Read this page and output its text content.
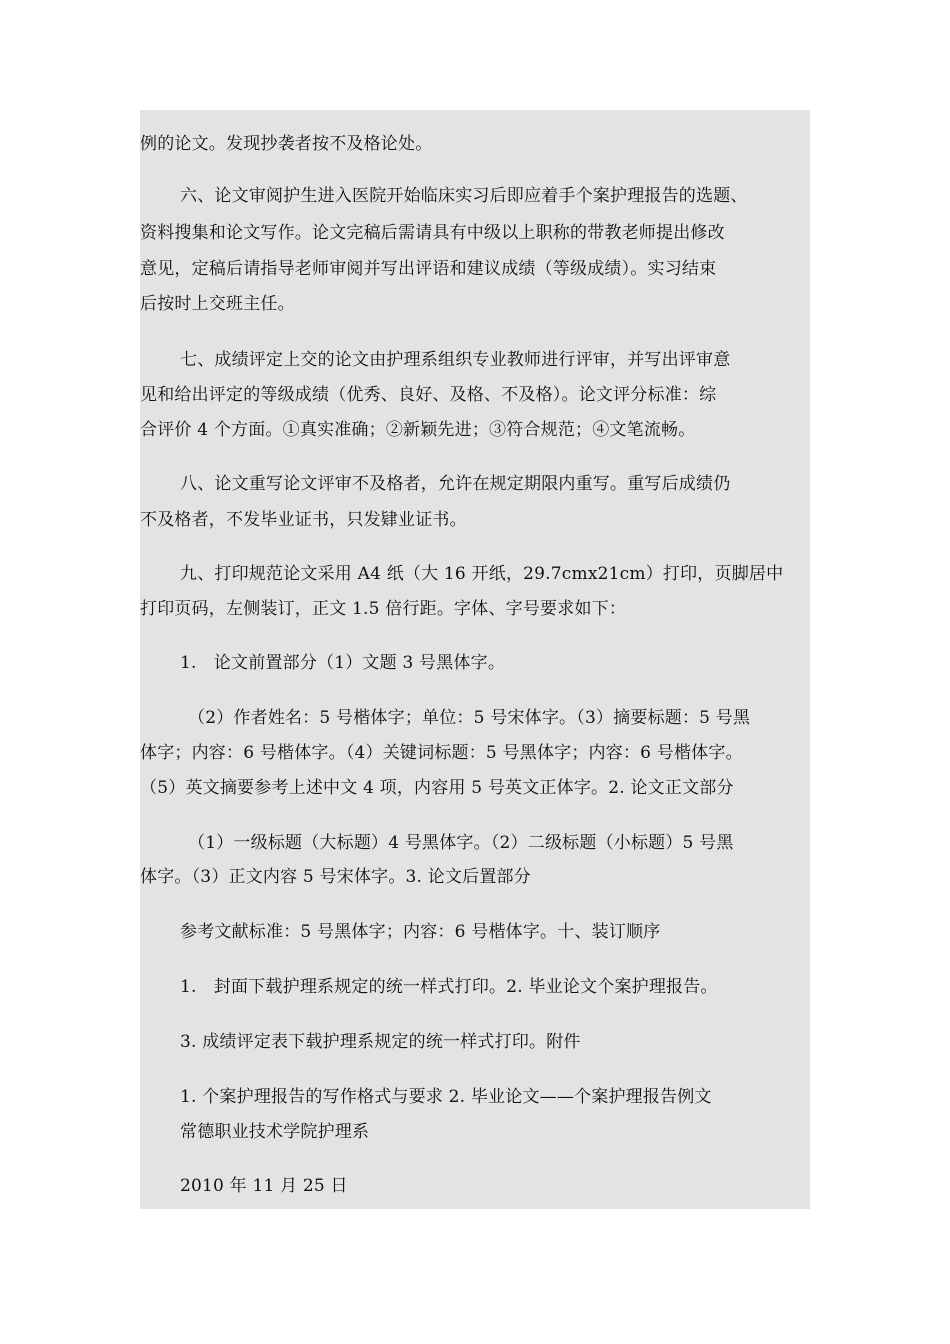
例的论文。发现抄袭者按不及格论处。
六、论文审阅护生进入医院开始临床实习后即应着手个案护理报告的选题、
资料搜集和论文写作。论文完稿后需请具有中级以上职称的带教老师提出修改
意见，定稿后请指导老师审阅并写出评语和建议成绩（等级成绩）。实习结束
后按时上交班主任。
七、成绩评定上交的论文由护理系组织专业教师进行评审，并写出评审意
见和给出评定的等级成绩（优秀、良好、及格、不及格）。论文评分标准：综
合评价 4 个方面。①真实准确；②新颖先进；③符合规范；④文笔流畅。
八、论文重写论文评审不及格者，允许在规定期限内重写。重写后成绩仍
不及格者，不发毕业证书，只发肄业证书。
九、打印规范论文采用 A4 纸（大 16 开纸，29.7cmx21cm）打印，页脚居中
打印页码，左侧装订，正文 1.5 倍行距。字体、字号要求如下：
1.　论文前置部分（1）文题 3 号黑体字。
（2）作者姓名：5 号楷体字；单位：5 号宋体字。（3）摘要标题：5 号黑
体字；内容：6 号楷体字。（4）关键词标题：5 号黑体字；内容：6 号楷体字。
（5）英文摘要参考上述中文 4 项，内容用 5 号英文正体字。2. 论文正文部分
（1）一级标题（大标题）4 号黑体字。（2）二级标题（小标题）5 号黑
体字。（3）正文内容 5 号宋体字。3. 论文后置部分
参考文献标准：5 号黑体字；内容：6 号楷体字。十、装订顺序
1.　封面下载护理系规定的统一样式打印。2. 毕业论文个案护理报告。
3. 成绩评定表下载护理系规定的统一样式打印。附件
1. 个案护理报告的写作格式与要求 2. 毕业论文——个案护理报告例文
常德职业技术学院护理系
2010 年 11 月 25 日
